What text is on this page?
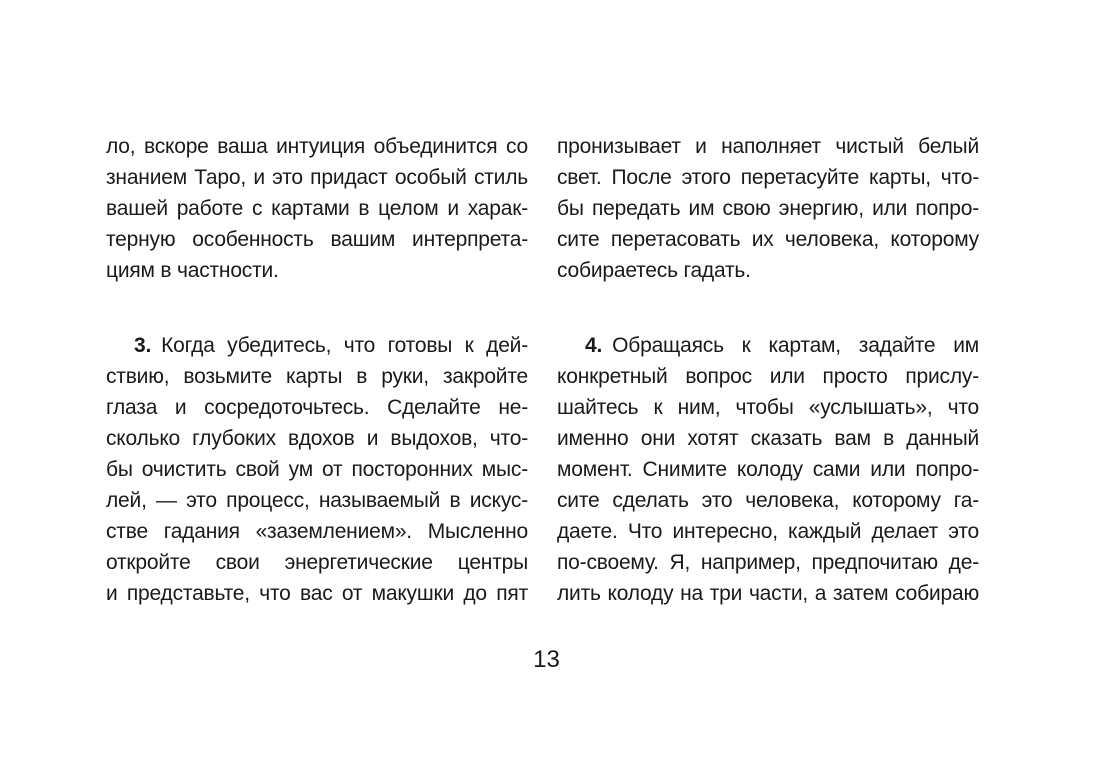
ло, вскоре ваша интуиция объединится со
знанием Таро, и это придаст особый стиль
вашей работе с картами в целом и харак-
терную особенность вашим интерпрета-
циям в частности.
3. Когда убедитесь, что готовы к дей-
ствию, возьмите карты в руки, закройте
глаза и сосредоточьтесь. Сделайте не-
сколько глубоких вдохов и выдохов, что-
бы очистить свой ум от посторонних мыс-
лей, — это процесс, называемый в искус-
стве гадания «заземлением». Мысленно
откройте свои энергетические центры
и представьте, что вас от макушки до пят
пронизывает и наполняет чистый белый
свет. После этого перетасуйте карты, что-
бы передать им свою энергию, или попро-
сите перетасовать их человека, которому
собираетесь гадать.
4. Обращаясь к картам, задайте им
конкретный вопрос или просто прислу-
шайтесь к ним, чтобы «услышать», что
именно они хотят сказать вам в данный
момент. Снимите колоду сами или попро-
сите сделать это человека, которому га-
даете. Что интересно, каждый делает это
по-своему. Я, например, предпочитаю де-
лить колоду на три части, а затем собираю
13
